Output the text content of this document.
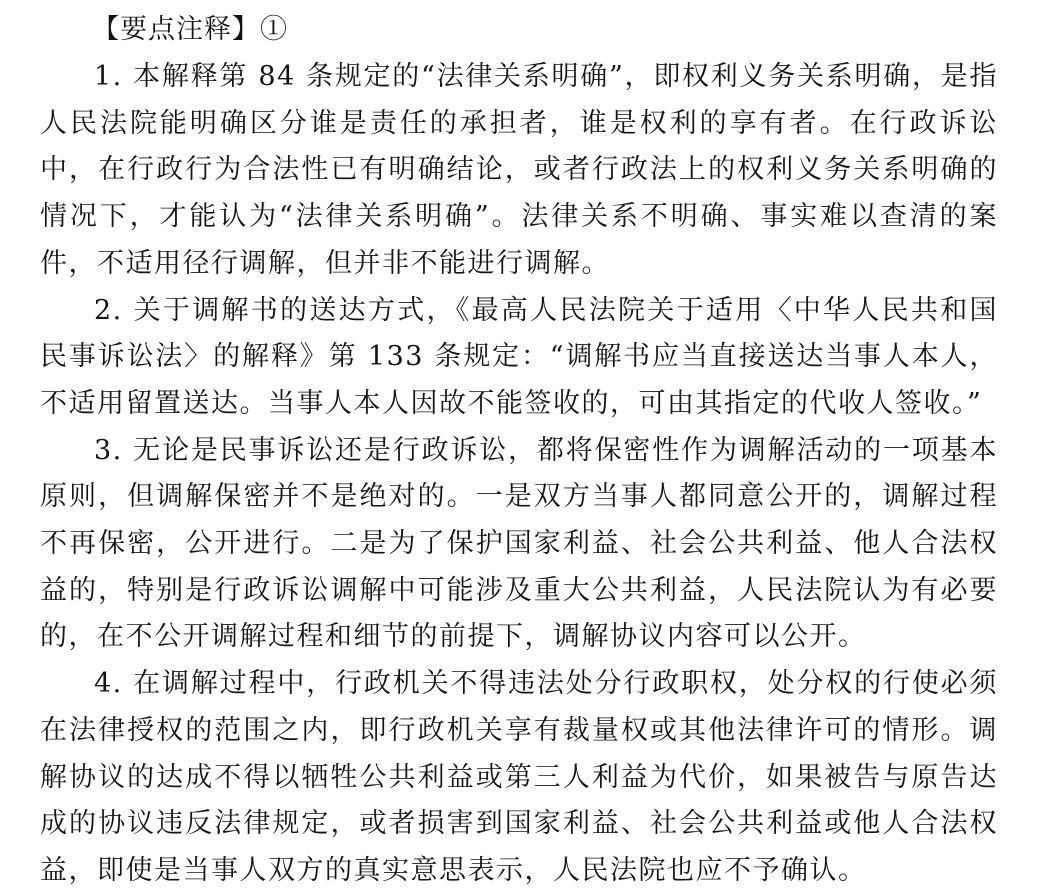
【要点注释】①

1. 本解释第 84 条规定的“法律关系明确”，即权利义务关系明确，是指人民法院能明确区分谁是责任的承担者，谁是权利的享有者。在行政诉讼中，在行政行为合法性已有明确结论，或者行政法上的权利义务关系明确的情况下，才能认为“法律关系明确”。法律关系不明确、事实难以查清的案件，不适用径行调解，但并非不能进行调解。

2. 关于调解书的送达方式，《最高人民法院关于适用〈中华人民共和国民事诉讼法〉的解释》第 133 条规定：“调解书应当直接送达当事人本人，不适用留置送达。当事人本人因故不能签收的，可由其指定的代收人签收。”

3. 无论是民事诉讼还是行政诉讼，都将保密性作为调解活动的一项基本原则，但调解保密并不是绝对的。一是双方当事人都同意公开的，调解过程不再保密，公开进行。二是为了保护国家利益、社会公共利益、他人合法权益的，特别是行政诉讼调解中可能涉及重大公共利益，人民法院认为有必要的，在不公开调解过程和细节的前提下，调解协议内容可以公开。

4. 在调解过程中，行政机关不得违法处分行政职权，处分权的行使必须在法律授权的范围之内，即行政机关享有裁量权或其他法律许可的情形。调解协议的达成不得以牺牲公共利益或第三人利益为代价，如果被告与原告达成的协议违反法律规定，或者损害到国家利益、社会公共利益或他人合法权益，即使是当事人双方的真实意思表示，人民法院也应不予确认。
